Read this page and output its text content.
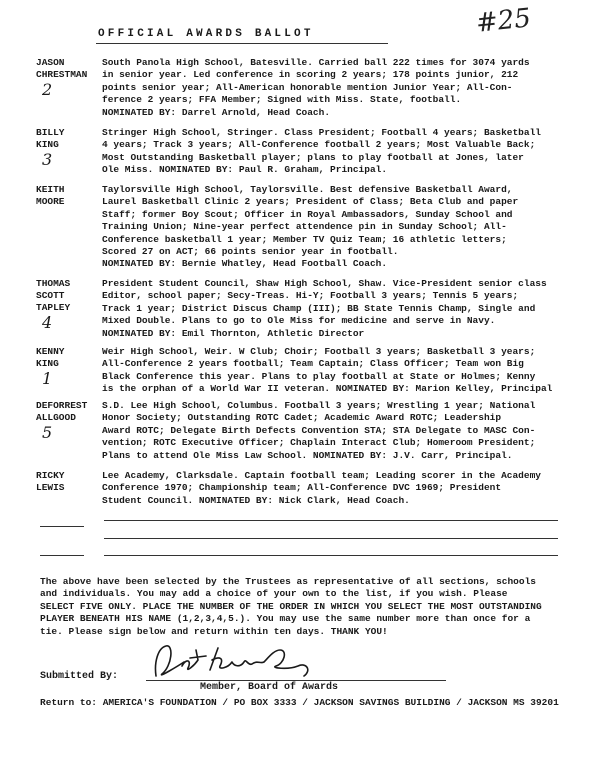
OFFICIAL AWARDS BALLOT	#25
JASON
CHRESTMAN
2
South Panola High School, Batesville. Carried ball 222 times for 3074 yards
in senior year. Led conference in scoring 2 years; 178 points junior, 212
points senior year; All-American honorable mention Junior Year; All-Con-
ference 2 years; FFA Member; Signed with Miss. State, football.
NOMINATED BY: Darrel Arnold, Head Coach.
BILLY
KING
3
Stringer High School, Stringer. Class President; Football 4 years; Basketball
4 years; Track 3 years; All-Conference football 2 years; Most Valuable Back;
Most Outstanding Basketball player; plans to play football at Jones, later
Ole Miss. NOMINATED BY: Paul R. Graham, Principal.
KEITH
MOORE
Taylorsville High School, Taylorsville. Best defensive Basketball Award,
Laurel Basketball Clinic 2 years; President of Class; Beta Club and paper
Staff; former Boy Scout; Officer in Royal Ambassadors, Sunday School and
Training Union; Nine-year perfect attendence pin in Sunday School; All-
Conference basketball 1 year; Member TV Quiz Team; 16 athletic letters;
Scored 27 on ACT; 66 points senior year in football.
NOMINATED BY: Bernie Whatley, Head Football Coach.
THOMAS
SCOTT
TAPLEY
4
President Student Council, Shaw High School, Shaw. Vice-President senior class
Editor, school paper; Secy-Treas. Hi-Y; Football 3 years; Tennis 5 years;
Track 1 year; District Discus Champ (III); BB State Tennis Champ, Single and
Mixed Double. Plans to go to Ole Miss for medicine and serve in Navy.
NOMINATED BY: Emil Thornton, Athletic Director
KENNY
KING
1
Weir High School, Weir. W Club; Choir; Football 3 years; Basketball 3 years;
All-Conference 2 years football; Team Captain; Class Officer; Team won Big
Black Conference this year. Plans to play football at State or Holmes; Kenny
is the orphan of a World War II veteran. NOMINATED BY: Marion Kelley, Principal
DEFORREST
ALLGOOD
5
S.D. Lee High School, Columbus. Football 3 years; Wrestling 1 year; National
Honor Society; Outstanding ROTC Cadet; Academic Award ROTC; Leadership
Award ROTC; Delegate Birth Defects Convention STA; STA Delegate to MASC Con-
vention; ROTC Executive Officer; Chaplain Interact Club; Homeroom President;
Plans to attend Ole Miss Law School. NOMINATED BY: J.V. Carr, Principal.
RICKY
LEWIS
Lee Academy, Clarksdale. Captain football team; Leading scorer in the Academy
Conference 1970; Championship team; All-Conference DVC 1969; President
Student Council. NOMINATED BY: Nick Clark, Head Coach.
The above have been selected by the Trustees as representative of all sections, schools
and individuals. You may add a choice of your own to the list, if you wish. Please
SELECT FIVE ONLY. PLACE THE NUMBER OF THE ORDER IN WHICH YOU SELECT THE MOST OUTSTANDING
PLAYER BENEATH HIS NAME (1,2,3,4,5.). You may use the same number more than once for a
tie. Please sign below and return within ten days. THANK YOU!
Submitted By:
Member, Board of Awards
Return to: AMERICA'S FOUNDATION / PO BOX 3333 / JACKSON SAVINGS BUILDING / JACKSON MS 39201
